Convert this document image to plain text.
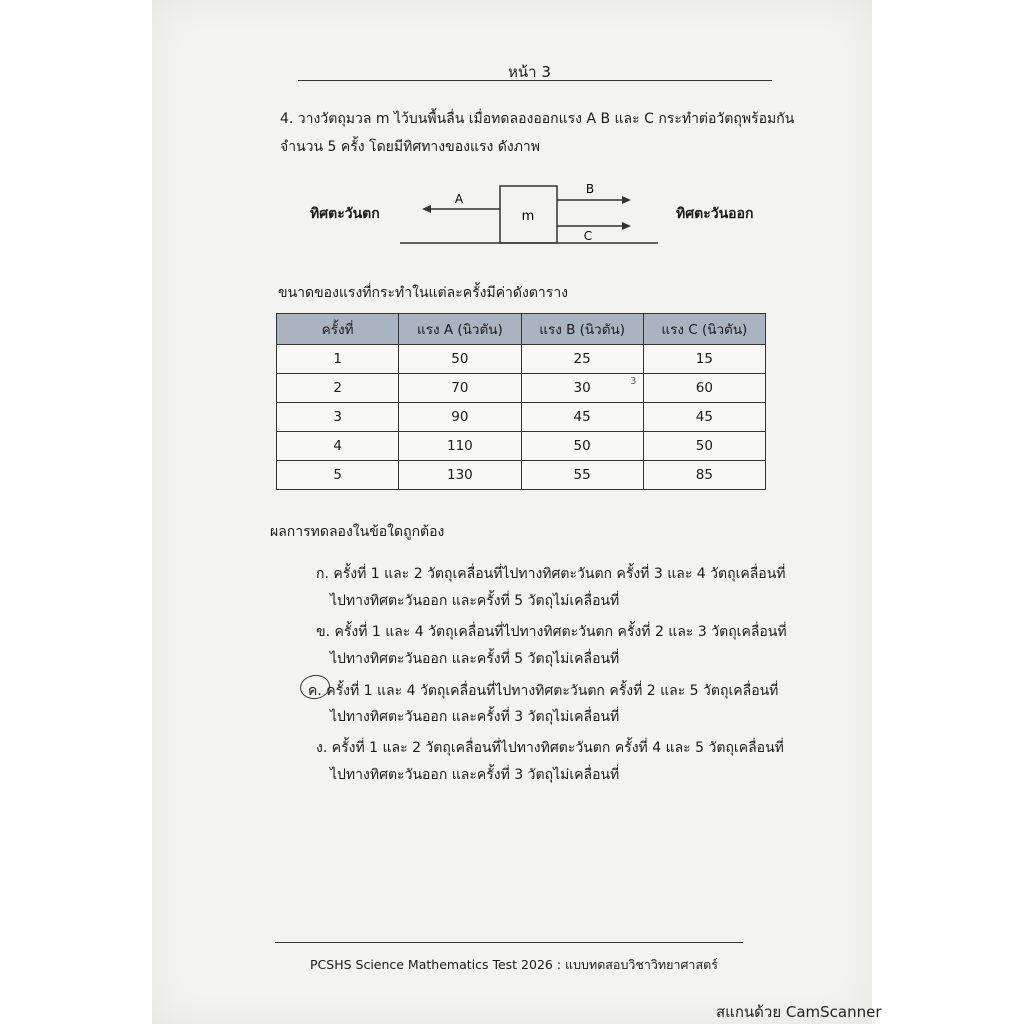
หน้า 3
4. วางวัตถุมวล m ไว้บนพื้นลื่น เมื่อทดลองออกแรง A B และ C กระทำต่อวัตถุพร้อมกัน
จำนวน 5 ครั้ง โดยมีทิศทางของแรง ดังภาพ
ทิศตะวันตก	ทิศตะวันออก
m
A
B
C
ขนาดของแรงที่กระทำในแต่ละครั้งมีค่าดังตาราง
ครั้งที่	แรง A (นิวตัน)	แรง B (นิวตัน)	แรง C (นิวตัน)
1	50	25	15
2	70	30	60
3	90	45	45
4	110	50	50
5	130	55	85
3
ผลการทดลองในข้อใดถูกต้อง
ก. ครั้งที่ 1 และ 2 วัตถุเคลื่อนที่ไปทางทิศตะวันตก ครั้งที่ 3 และ 4 วัตถุเคลื่อนที่
ไปทางทิศตะวันออก และครั้งที่ 5 วัตถุไม่เคลื่อนที่
ข. ครั้งที่ 1 และ 4 วัตถุเคลื่อนที่ไปทางทิศตะวันตก ครั้งที่ 2 และ 3 วัตถุเคลื่อนที่
ไปทางทิศตะวันออก และครั้งที่ 5 วัตถุไม่เคลื่อนที่
ค. ครั้งที่ 1 และ 4 วัตถุเคลื่อนที่ไปทางทิศตะวันตก ครั้งที่ 2 และ 5 วัตถุเคลื่อนที่
ไปทางทิศตะวันออก และครั้งที่ 3 วัตถุไม่เคลื่อนที่
ง. ครั้งที่ 1 และ 2 วัตถุเคลื่อนที่ไปทางทิศตะวันตก ครั้งที่ 4 และ 5 วัตถุเคลื่อนที่
ไปทางทิศตะวันออก และครั้งที่ 3 วัตถุไม่เคลื่อนที่
PCSHS Science Mathematics Test 2026 : แบบทดสอบวิชาวิทยาศาสตร์
สแกนด้วย CamScanner
